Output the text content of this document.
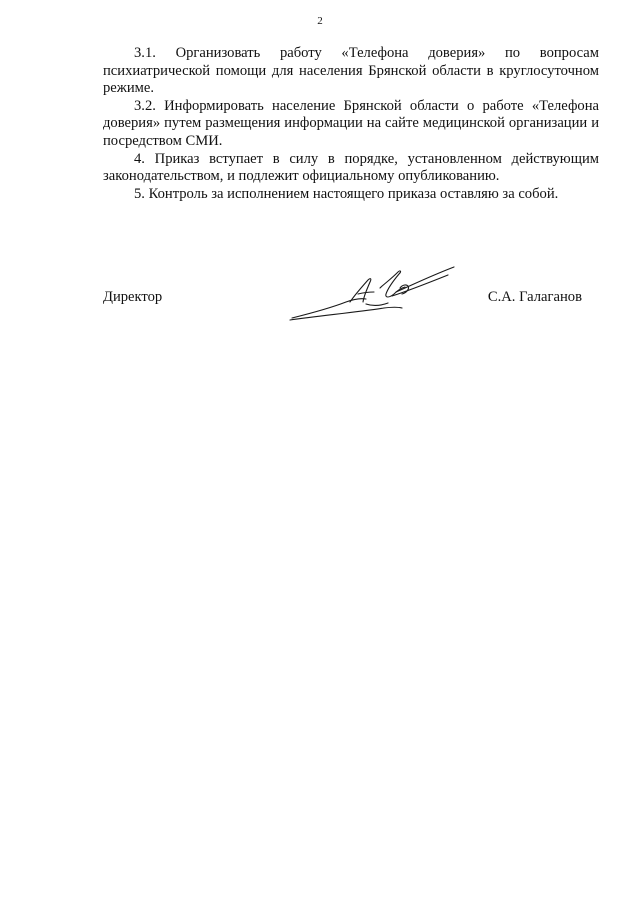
2

3.1. Организовать работу «Телефона доверия» по вопросам психиатрической помощи для населения Брянской области в круглосуточном режиме.

3.2. Информировать население Брянской области о работе «Телефона доверия» путем размещения информации на сайте медицинской организации и посредством СМИ.

4. Приказ вступает в силу в порядке, установленном действующим законодательством, и подлежит официальному опубликованию.

5. Контроль за исполнением настоящего приказа оставляю за собой.

Директор	С.А. Галаганов
